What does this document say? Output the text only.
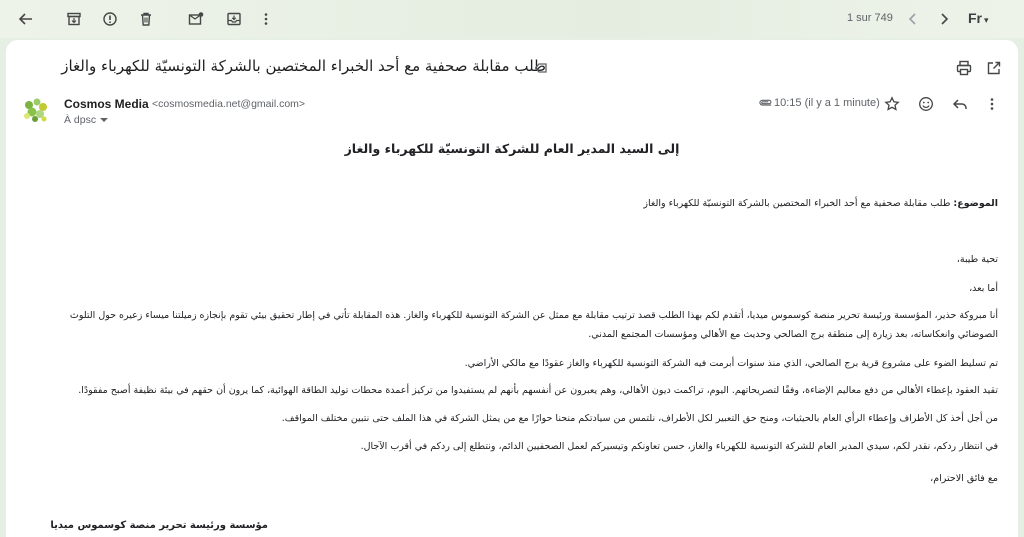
1 sur 749	Fr ▾
طلب مقابلة صحفية مع أحد الخبراء المختصين بالشركة التونسيّة للكهرباء والغاز
Cosmos Media <cosmosmedia.net@gmail.com>
À dpsc
10:15 (il y a 1 minute)
إلى السيد المدير العام للشركة التونسيّة للكهرباء والغاز
الموضوع: طلب مقابلة صحفية مع أحد الخبراء المختصين بالشركة التونسيّة للكهرباء والغاز
تحية طيبة،
أما بعد،
أنا مبروكة حذير، المؤسسة ورئيسة تحرير منصة كوسموس ميديا، أتقدم لكم بهذا الطلب قصد ترتيب مقابلة مع ممثل عن الشركة التونسية للكهرباء والغاز. هذه المقابلة تأتي في إطار تحقيق بيئي تقوم بإنجازه زميلتنا ميساء زعيره حول التلوث
الصوضائي وانعكاساته، بعد زيارة إلى منطقة برج الصالحي وحديث مع الأهالي ومؤسسات المجتمع المدني.
تم تسليط الضوء على مشروع قرية برج الصالحي، الذي منذ سنوات أبرمت فيه الشركة التونسية للكهرباء والغاز عقودًا مع مالكي الأراضي.
تقيد العقود بإعطاء الأهالي من دفع معاليم الإضاءة، وفقًا لتصريحاتهم. اليوم، تراكمت ديون الأهالي، وهم يعبرون عن أنفسهم بأنهم لم يستفيدوا من تركيز أعمدة محطات توليد الطاقة الهوائية، كما يرون أن حقهم في بيئة نظيفة أصبح مفقودًا.
من أجل أخذ كل الأطراف وإعطاء الرأي العام بالحيثيات، ومنح حق التعبير لكل الأطراف، نلتمس من سيادتكم منحنا حوارًا مع من يمثل الشركة في هذا الملف حتى نتبين مختلف المواقف.
في انتظار ردكم، نقدر لكم، سيدي المدير العام للشركة التونسية للكهرباء والغاز، حسن تعاونكم وتيسيركم لعمل الصحفيين الدائم، ونتطلع إلى ردكم في أقرب الآجال.
مع فائق الاحترام،
مؤسسة ورئيسة تحرير منصة كوسموس ميديا
